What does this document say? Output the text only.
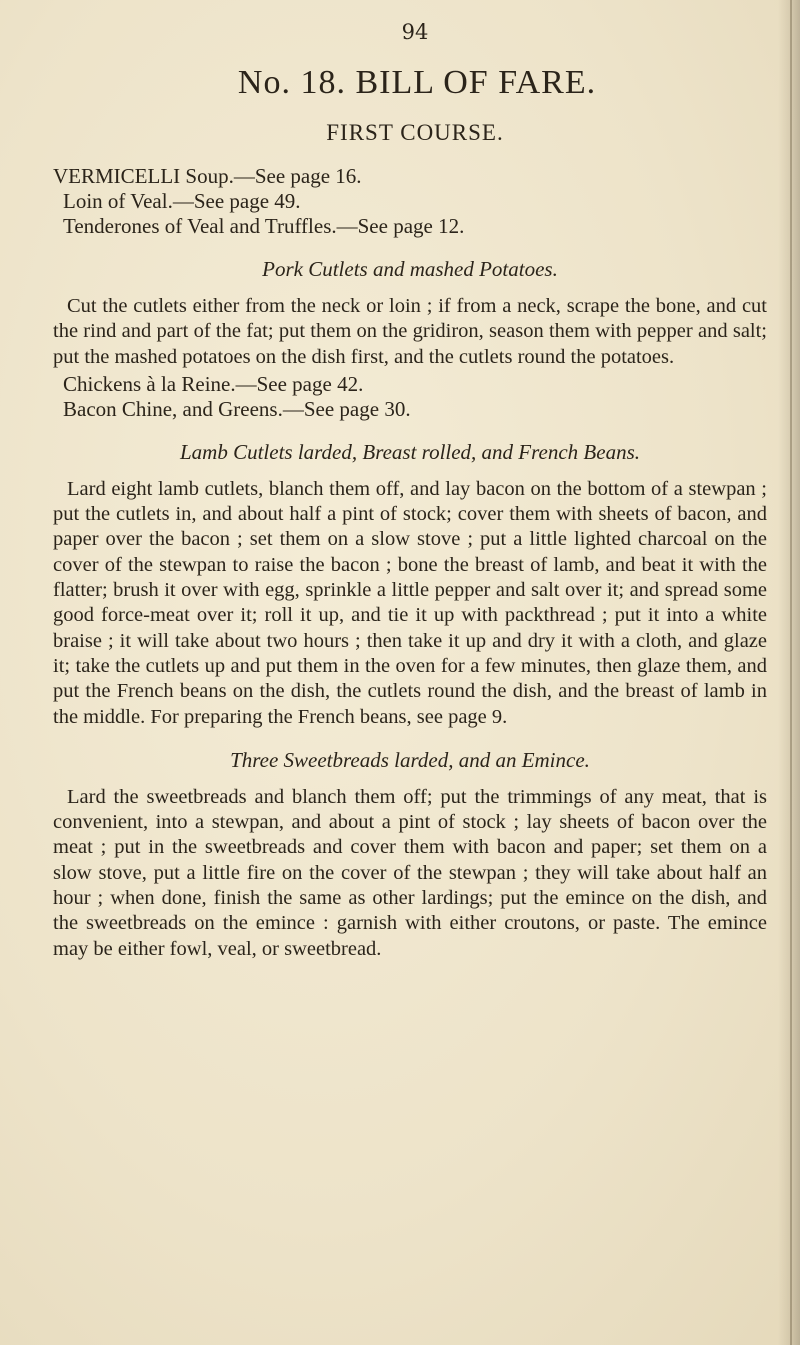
94
No. 18. BILL OF FARE.
FIRST COURSE.

VERMICELLI Soup.—See page 16.

Loin of Veal.—See page 49.

Tenderones of Veal and Truffles.—See page 12.

Pork Cutlets and mashed Potatoes.

Cut the cutlets either from the neck or loin ; if from a neck, scrape the bone, and cut the rind and part of the fat; put them on the gridiron, season them with pepper and salt; put the mashed potatoes on the dish first, and the cutlets round the potatoes.

Chickens à la Reine.—See page 42.

Bacon Chine, and Greens.—See page 30.

Lamb Cutlets larded, Breast rolled, and French Beans.

Lard eight lamb cutlets, blanch them off, and lay bacon on the bottom of a stewpan ; put the cutlets in, and about half a pint of stock; cover them with sheets of bacon, and paper over the bacon ; set them on a slow stove ; put a little lighted charcoal on the cover of the stewpan to raise the bacon ; bone the breast of lamb, and beat it with the flatter; brush it over with egg, sprinkle a little pepper and salt over it; and spread some good force-meat over it; roll it up, and tie it up with packthread ; put it into a white braise ; it will take about two hours ; then take it up and dry it with a cloth, and glaze it; take the cutlets up and put them in the oven for a few minutes, then glaze them, and put the French beans on the dish, the cutlets round the dish, and the breast of lamb in the middle. For preparing the French beans, see page 9.

Three Sweetbreads larded, and an Emince.

Lard the sweetbreads and blanch them off; put the trimmings of any meat, that is convenient, into a stewpan, and about a pint of stock ; lay sheets of bacon over the meat ; put in the sweetbreads and cover them with bacon and paper; set them on a slow stove, put a little fire on the cover of the stewpan ; they will take about half an hour ; when done, finish the same as other lardings; put the emince on the dish, and the sweetbreads on the emince : garnish with either croutons, or paste. The emince may be either fowl, veal, or sweetbread.
